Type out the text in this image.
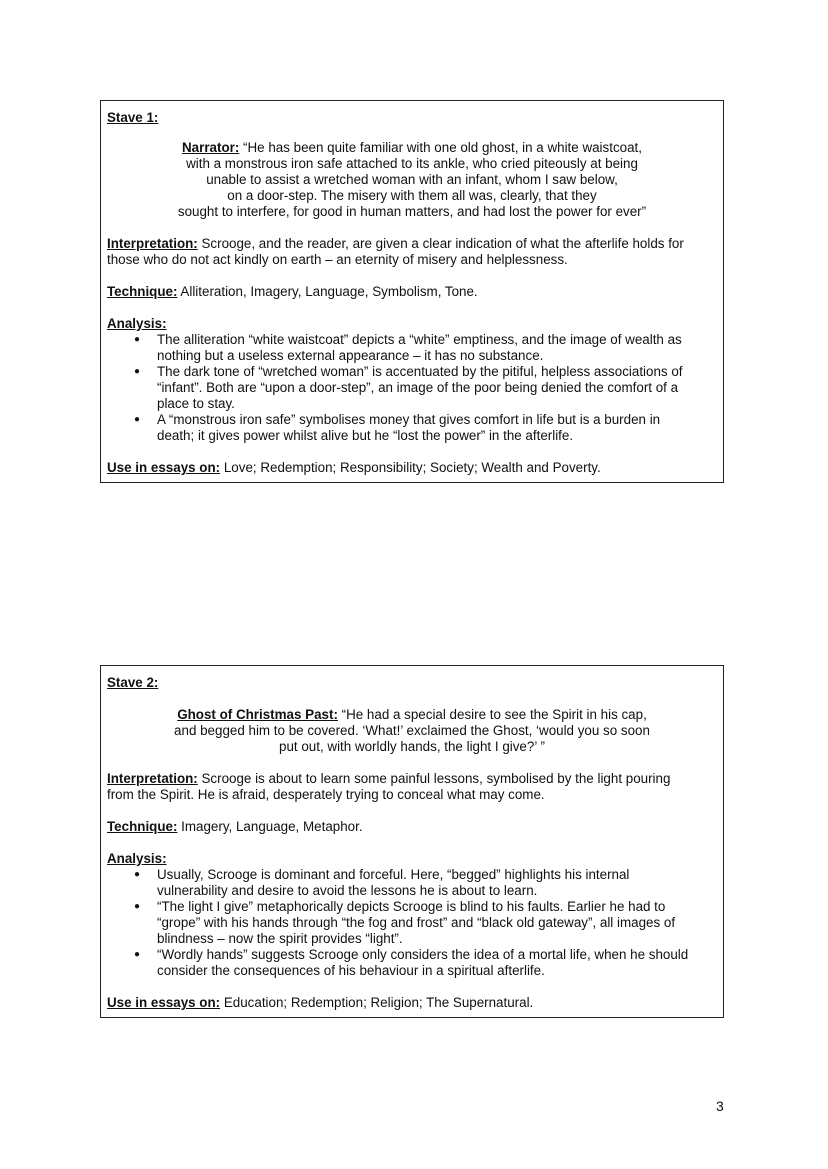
Stave 1:

Narrator: “He has been quite familiar with one old ghost, in a white waistcoat,
with a monstrous iron safe attached to its ankle, who cried piteously at being
unable to assist a wretched woman with an infant, whom I saw below,
on a door-step. The misery with them all was, clearly, that they
sought to interfere, for good in human matters, and had lost the power for ever”

Interpretation: Scrooge, and the reader, are given a clear indication of what the afterlife holds for
those who do not act kindly on earth – an eternity of misery and helplessness.

Technique: Alliteration, Imagery, Language, Symbolism, Tone.

Analysis:

● The alliteration “white waistcoat” depicts a “white” emptiness, and the image of wealth as
nothing but a useless external appearance – it has no substance.
● The dark tone of “wretched woman” is accentuated by the pitiful, helpless associations of
“infant”. Both are “upon a door-step”, an image of the poor being denied the comfort of a
place to stay.
● A “monstrous iron safe” symbolises money that gives comfort in life but is a burden in
death; it gives power whilst alive but he “lost the power” in the afterlife.

Use in essays on: Love; Redemption; Responsibility; Society; Wealth and Poverty.

Stave 2:

Ghost of Christmas Past: “He had a special desire to see the Spirit in his cap,
and begged him to be covered. ‘What!’ exclaimed the Ghost, ‘would you so soon
put out, with worldly hands, the light I give?’ ”

Interpretation: Scrooge is about to learn some painful lessons, symbolised by the light pouring
from the Spirit. He is afraid, desperately trying to conceal what may come.

Technique: Imagery, Language, Metaphor.

Analysis:

● Usually, Scrooge is dominant and forceful. Here, “begged” highlights his internal
vulnerability and desire to avoid the lessons he is about to learn.
● “The light I give” metaphorically depicts Scrooge is blind to his faults. Earlier he had to
“grope” with his hands through “the fog and frost” and “black old gateway”, all images of
blindness – now the spirit provides “light”.
● “Wordly hands” suggests Scrooge only considers the idea of a mortal life, when he should
consider the consequences of his behaviour in a spiritual afterlife.

Use in essays on: Education; Redemption; Religion; The Supernatural.

3
